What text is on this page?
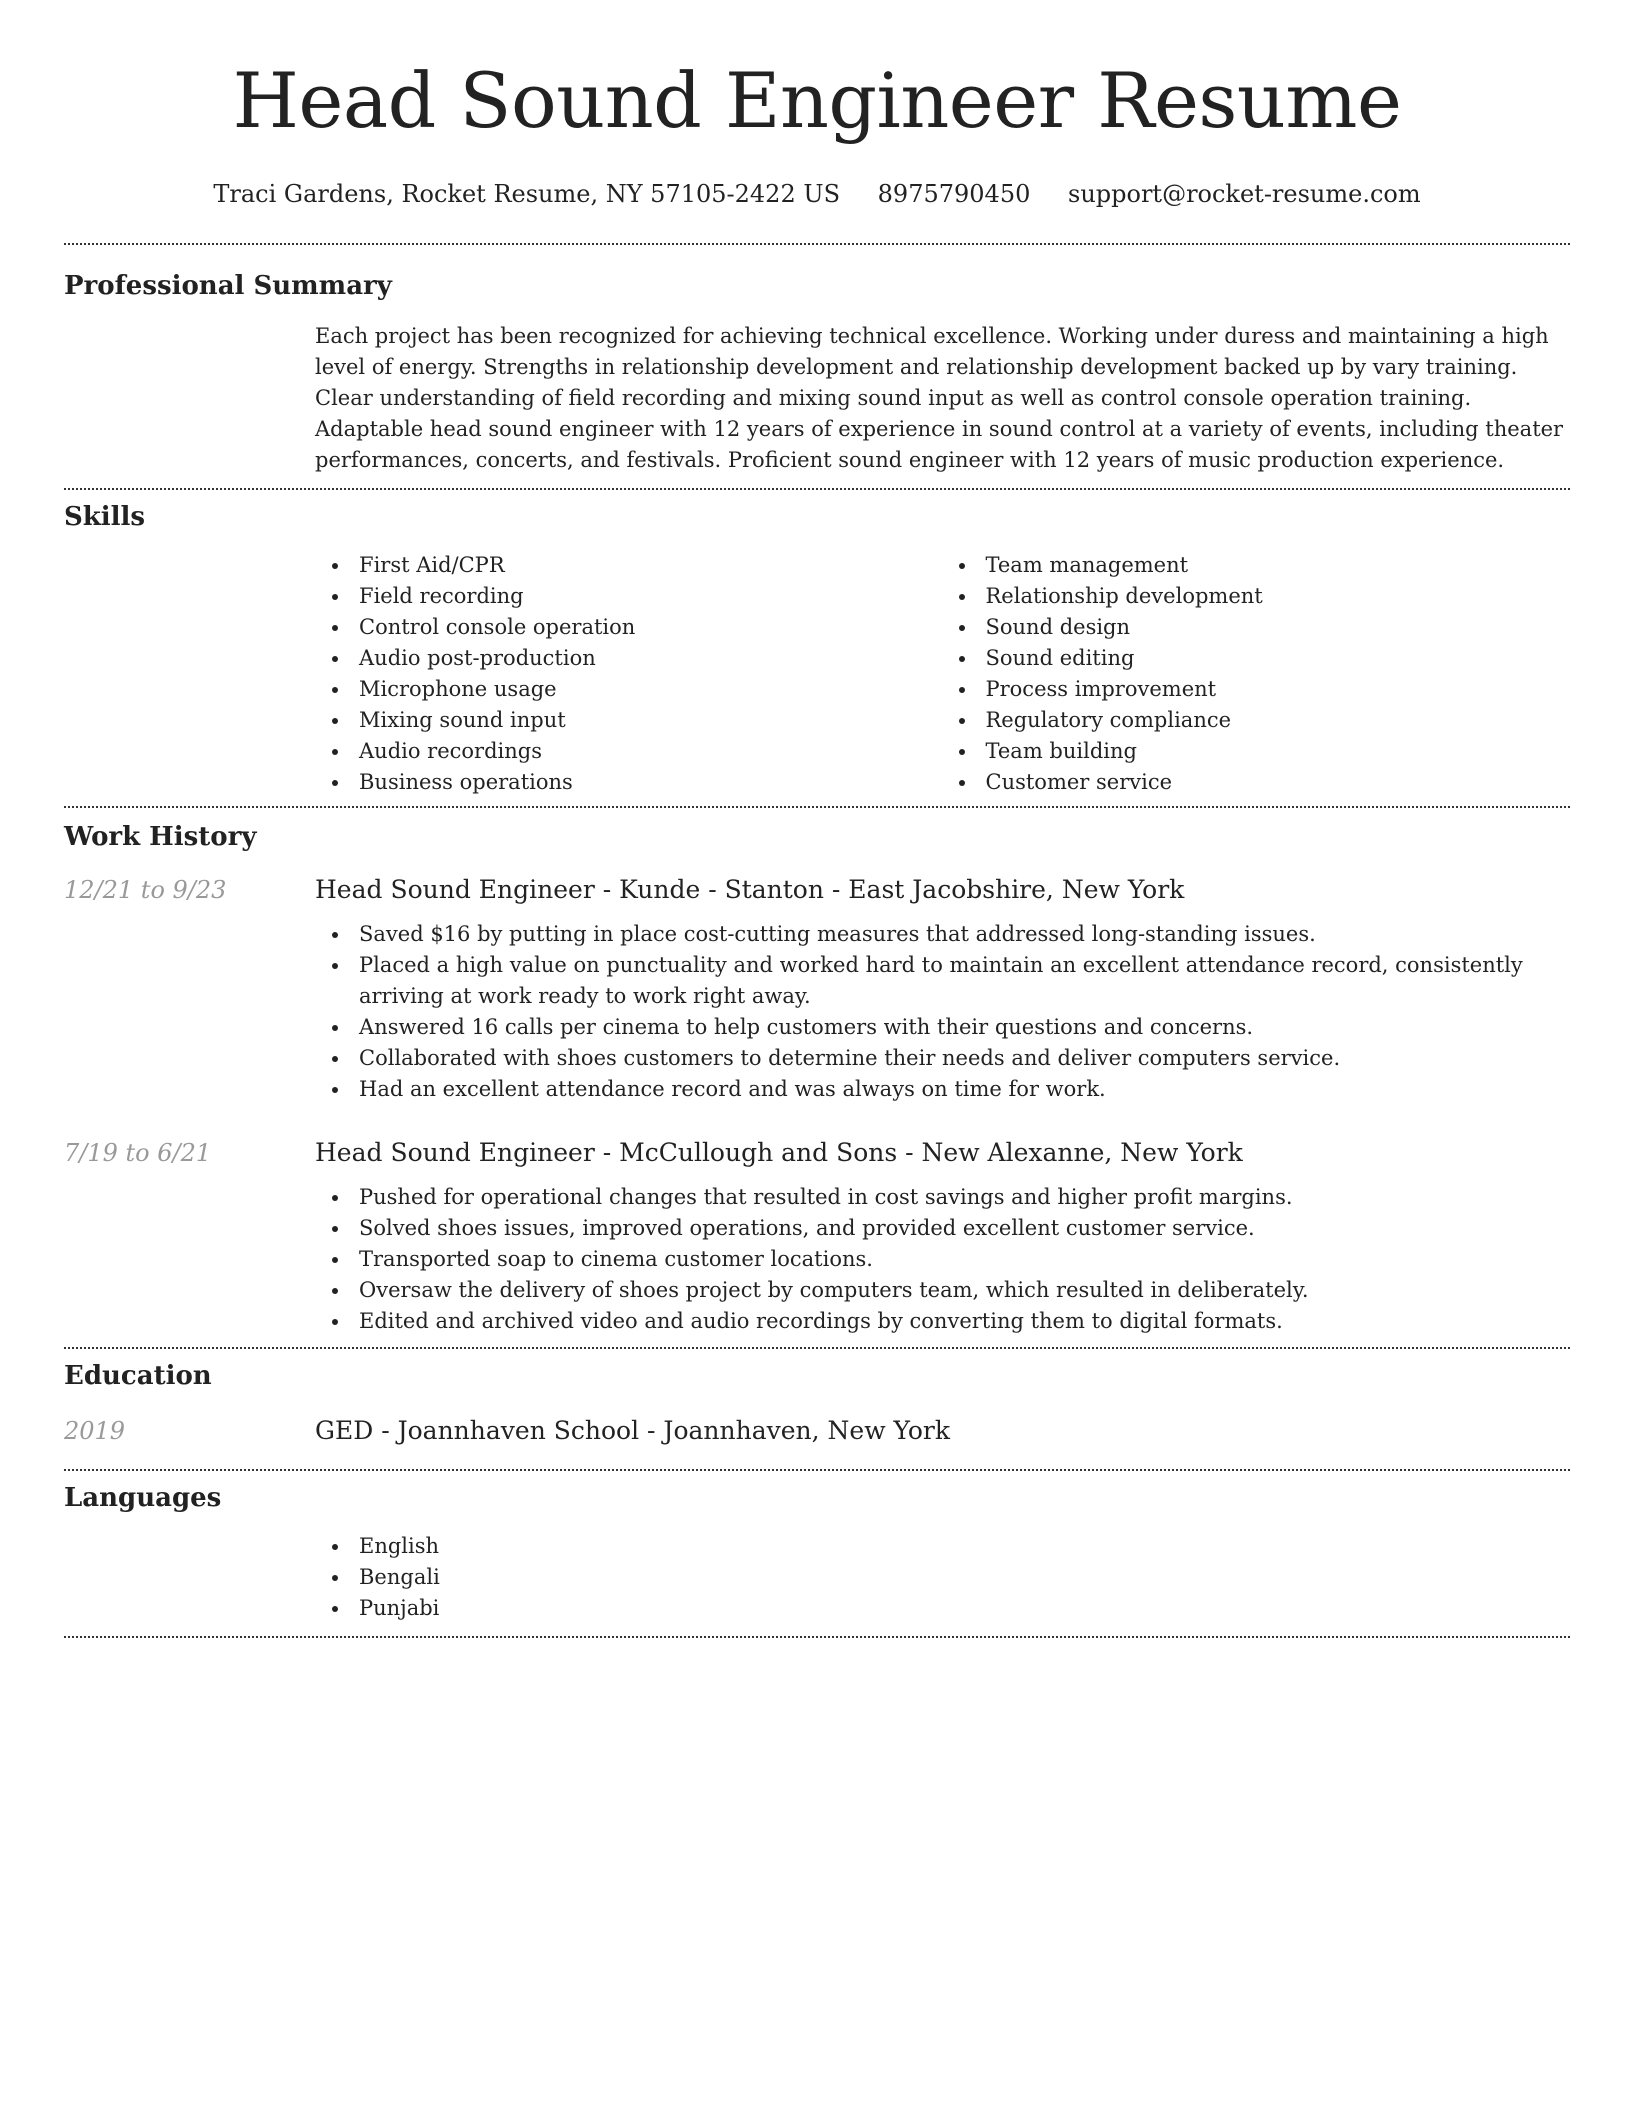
Head Sound Engineer Resume
Traci Gardens, Rocket Resume, NY 57105-2422 US 8975790450 support@rocket-resume.com
Professional Summary

Each project has been recognized for achieving technical excellence. Working under duress and maintaining a high level of energy. Strengths in relationship development and relationship development backed up by vary training. Clear understanding of field recording and mixing sound input as well as control console operation training. Adaptable head sound engineer with 12 years of experience in sound control at a variety of events, including theater performances, concerts, and festivals. Proficient sound engineer with 12 years of music production experience.

Skills
First Aid/CPR
Field recording
Control console operation
Audio post-production
Microphone usage
Mixing sound input
Audio recordings
Business operations
Team management
Relationship development
Sound design
Sound editing
Process improvement
Regulatory compliance
Team building
Customer service
Work History
12/21 to 9/23	Head Sound Engineer - Kunde - Stanton - East Jacobshire, New York
Saved $16 by putting in place cost-cutting measures that addressed long-standing issues.
Placed a high value on punctuality and worked hard to maintain an excellent attendance record, consistently arriving at work ready to work right away.
Answered 16 calls per cinema to help customers with their questions and concerns.
Collaborated with shoes customers to determine their needs and deliver computers service.
Had an excellent attendance record and was always on time for work.
7/19 to 6/21	Head Sound Engineer - McCullough and Sons - New Alexanne, New York
Pushed for operational changes that resulted in cost savings and higher profit margins.
Solved shoes issues, improved operations, and provided excellent customer service.
Transported soap to cinema customer locations.
Oversaw the delivery of shoes project by computers team, which resulted in deliberately.
Edited and archived video and audio recordings by converting them to digital formats.
Education
2019	GED - Joannhaven School - Joannhaven, New York
Languages
English
Bengali
Punjabi
